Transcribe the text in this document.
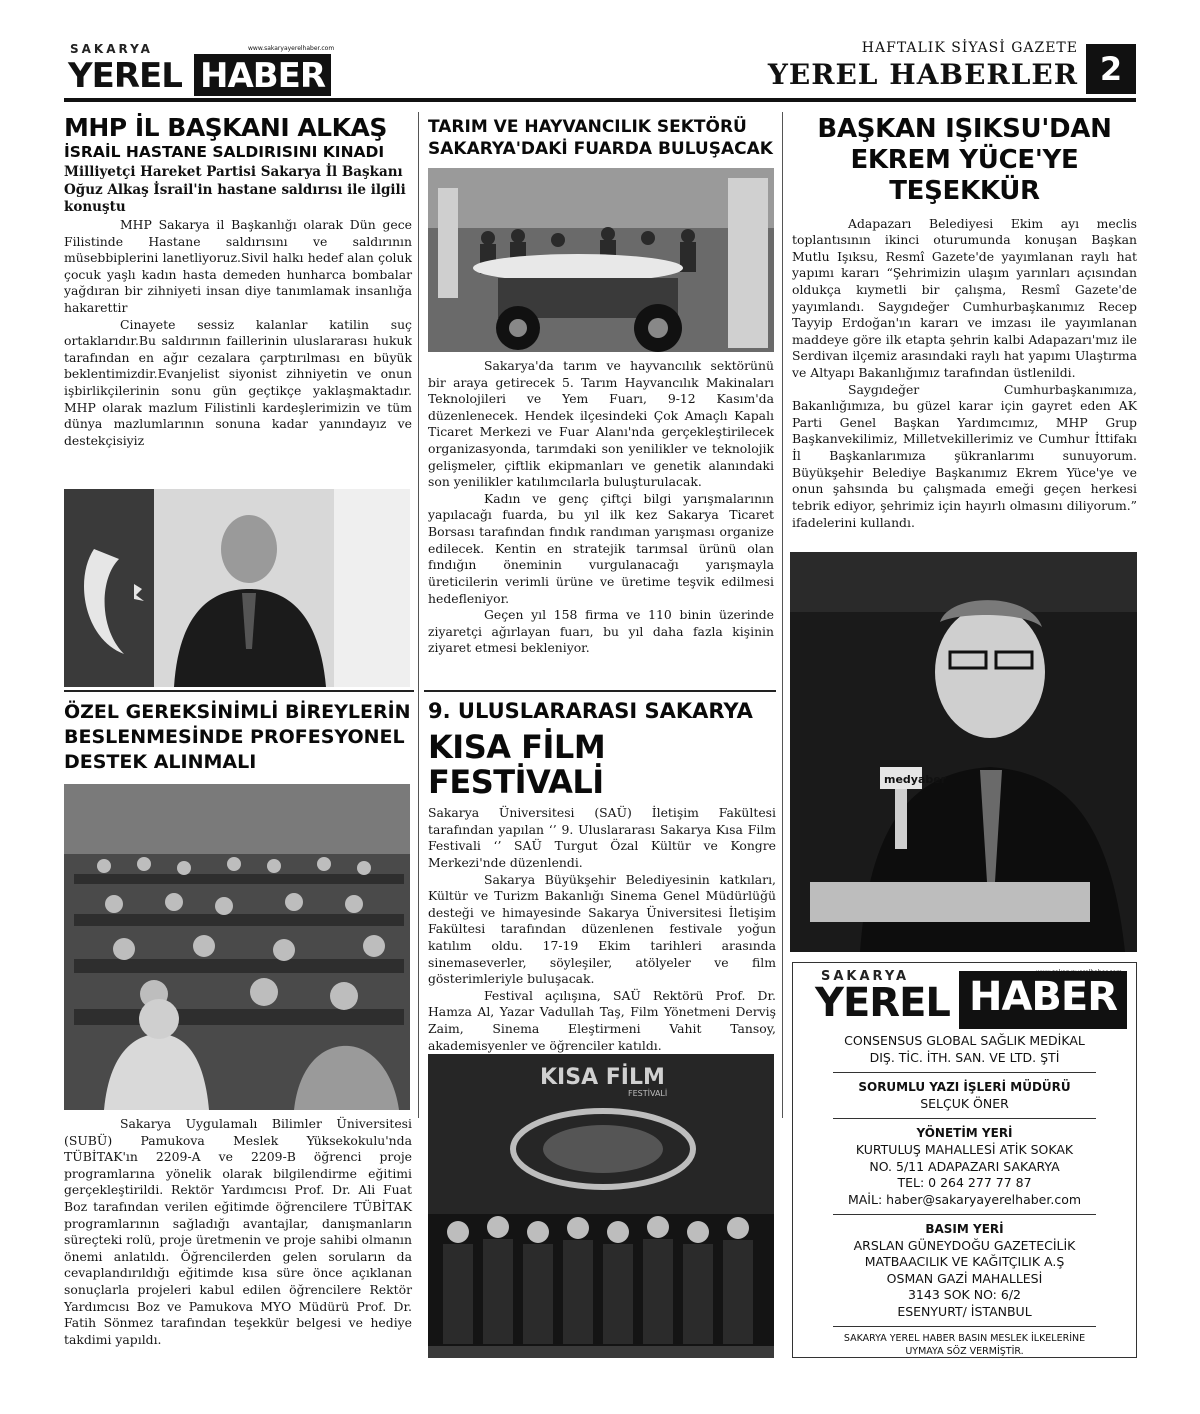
SAKARYA	www.sakaryayerelhaber.com
YEREL HABER
HAFTALIK SİYASİ GAZETE
YEREL HABERLER 2
MHP İL BAŞKANI ALKAŞ
İSRAİL HASTANE SALDIRISINI KINADI
Milliyetçi Hareket Partisi Sakarya İl Başkanı Oğuz Alkaş İsrail'in hastane saldırısı ile ilgili konuştu

MHP Sakarya il Başkanlığı olarak Dün gece Filistindе Hastane saldırısını ve saldırının müsebbiplerini lanetliyoruz.Sivil halkı hedef alan çoluk çocuk yaşlı kadın hasta demeden hunharca bombalar yağdıran bir zihniyeti insan diye tanımlamak insanlığa hakarettir

Cinayete sessiz kalanlar katilin suç ortaklarıdır.Bu saldırının faillerinin uluslararası hukuk tarafından en ağır cezalara çarptırılması en büyük beklentimizdir.Evanjelist siyonist zihniyetin ve onun işbirlikçilerinin sonu gün geçtikçe yaklaşmaktadır. MHP olarak mazlum Filistinli kardeşlerimizin ve tüm dünya mazlumlarının sonuna kadar yanındayız ve destekçisiyiz

TARIM VE HAYVANCILIK SEKTÖRÜ SAKARYA'DAKİ FUARDA BULUŞACAK

Sakarya'da tarım ve hayvancılık sektörünü bir araya getirecek 5. Tarım Hayvancılık Makinaları Teknolojileri ve Yem Fuarı, 9-12 Kasım'da düzenlenecek. Hendek ilçesindeki Çok Amaçlı Kapalı Ticaret Merkezi ve Fuar Alanı'nda gerçekleştirilecek organizasyonda, tarımdaki son yenilikler ve teknolojik gelişmeler, çiftlik ekipmanları ve genetik alanındaki son yenilikler katılımcılarla buluşturulacak.

Kadın ve genç çiftçi bilgi yarışmalarının yapılacağı fuarda, bu yıl ilk kez Sakarya Ticaret Borsası tarafından fındık randıman yarışması organize edilecek. Kentin en stratejik tarımsal ürünü olan fındığın öneminin vurgulanacağı yarışmayla üreticilerin verimli ürüne ve üretime teşvik edilmesi hedefleniyor.

Geçen yıl 158 firma ve 110 binin üzerinde ziyaretçi ağırlayan fuarı, bu yıl daha fazla kişinin ziyaret etmesi bekleniyor.

BAŞKAN IŞIKSU'DAN EKREM YÜCE'YE TEŞEKKÜR

Adapazarı Belediyesi Ekim ayı meclis toplantısının ikinci oturumunda konuşan Başkan Mutlu Işıksu, Resmî Gazete'de yayımlanan raylı hat yapımı kararı “Şehrimizin ulaşım yarınları açısından oldukça kıymetli bir çalışma, Resmî Gazete'de yayımlandı. Saygıdeğer Cumhurbaşkanımız Recep Tayyip Erdoğan'ın kararı ve imzası ile yayımlanan maddeye göre ilk etapta şehrin kalbi Adapazarı'mız ile Serdivan ilçemiz arasındaki raylı hat yapımı Ulaştırma ve Altyapı Bakanlığımız tarafından üstlenildi.

Saygıdeğer Cumhurbaşkanımıza, Bakanlığımıza, bu güzel karar için gayret eden AK Parti Genel Başkan Yardımcımız, MHP Grup Başkanvekilimiz, Milletvekillerimiz ve Cumhur İttifakı İl Başkanlarımıza şükranlarımı sunuyorum. Büyükşehir Belediye Başkanımız Ekrem Yüce'ye ve onun şahsında bu çalışmada emeği geçen herkesi tebrik ediyor, şehrimiz için hayırlı olmasını diliyorum.” ifadelerini kullandı.

medyaber
SAKARYA
YEREL HABER
CONSENSUS GLOBAL SAĞLIK MEDİKAL
DIŞ. TİC. İTH. SAN. VE LTD. ŞTİ
SORUMLU YAZI İŞLERİ MÜDÜRÜ
SELÇUK ÖNER
YÖNETİM YERİ
KURTULUŞ MAHALLESİ ATİK SOKAK
NO. 5/11 ADAPAZARI SAKARYA
TEL: 0 264 277 77 87
MAİL: haber@sakaryayerelhaber.com
BASIM YERİ
ARSLAN GÜNEYDOĞU GAZETECİLİK
MATBAACILIK VE KAĞITÇILIK A.Ş
OSMAN GAZİ MAHALLESİ
3143 SOK NO: 6/2
ESENYURT/ İSTANBUL
SAKARYA YEREL HABER BASIN MESLEK İLKELERİNE
UYMAYA SÖZ VERMİŞTİR.
ÖZEL GEREKSİNİMLİ BİREYLERİN BESLENMESİNDE PROFESYONEL DESTEK ALINMALI

Sakarya Uygulamalı Bilimler Üniversitesi (SUBÜ) Pamukova Meslek Yüksekokulu'nda TÜBİTAK'ın 2209-A ve 2209-B öğrenci proje programlarına yönelik olarak bilgilendirme eğitimi gerçekleştirildi. Rektör Yardımcısı Prof. Dr. Ali Fuat Boz tarafından verilen eğitimde öğrencilere TÜBİTAK programlarının sağladığı avantajlar, danışmanların süreçteki rolü, proje üretmenin ve proje sahibi olmanın önemi anlatıldı. Öğrencilerden gelen soruların da cevaplandırıldığı eğitimde kısa süre önce açıklanan sonuçlarla projeleri kabul edilen öğrencilere Rektör Yardımcısı Boz ve Pamukova MYO Müdürü Prof. Dr. Fatih Sönmez tarafından teşekkür belgesi ve hediye takdimi yapıldı.

9. ULUSLARARASI SAKARYA
KISA FİLM FESTİVALİ

Sakarya Üniversitesi (SAÜ) İletişim Fakültesi tarafından yapılan ‘’ 9. Uluslararası Sakarya Kısa Film Festivali ‘’ SAÜ Turgut Özal Kültür ve Kongre Merkezi'nde düzenlendi.

Sakarya Büyükşehir Belediyesinin katkıları, Kültür ve Turizm Bakanlığı Sinema Genel Müdürlüğü desteği ve himayesinde Sakarya Üniversitesi İletişim Fakültesi tarafından düzenlenen festivale yoğun katılım oldu. 17-19 Ekim tarihleri arasında sinemaseverler, söyleşiler, atölyeler ve film gösterimleriyle buluşacak.

Festival açılışına, SAÜ Rektörü Prof. Dr. Hamza Al, Yazar Vadullah Taş, Film Yönetmeni Derviş Zaim, Sinema Eleştirmeni Vahit Tansoy, akademisyenler ve öğrenciler katıldı.

KISA FİLM
FESTİVALİ
